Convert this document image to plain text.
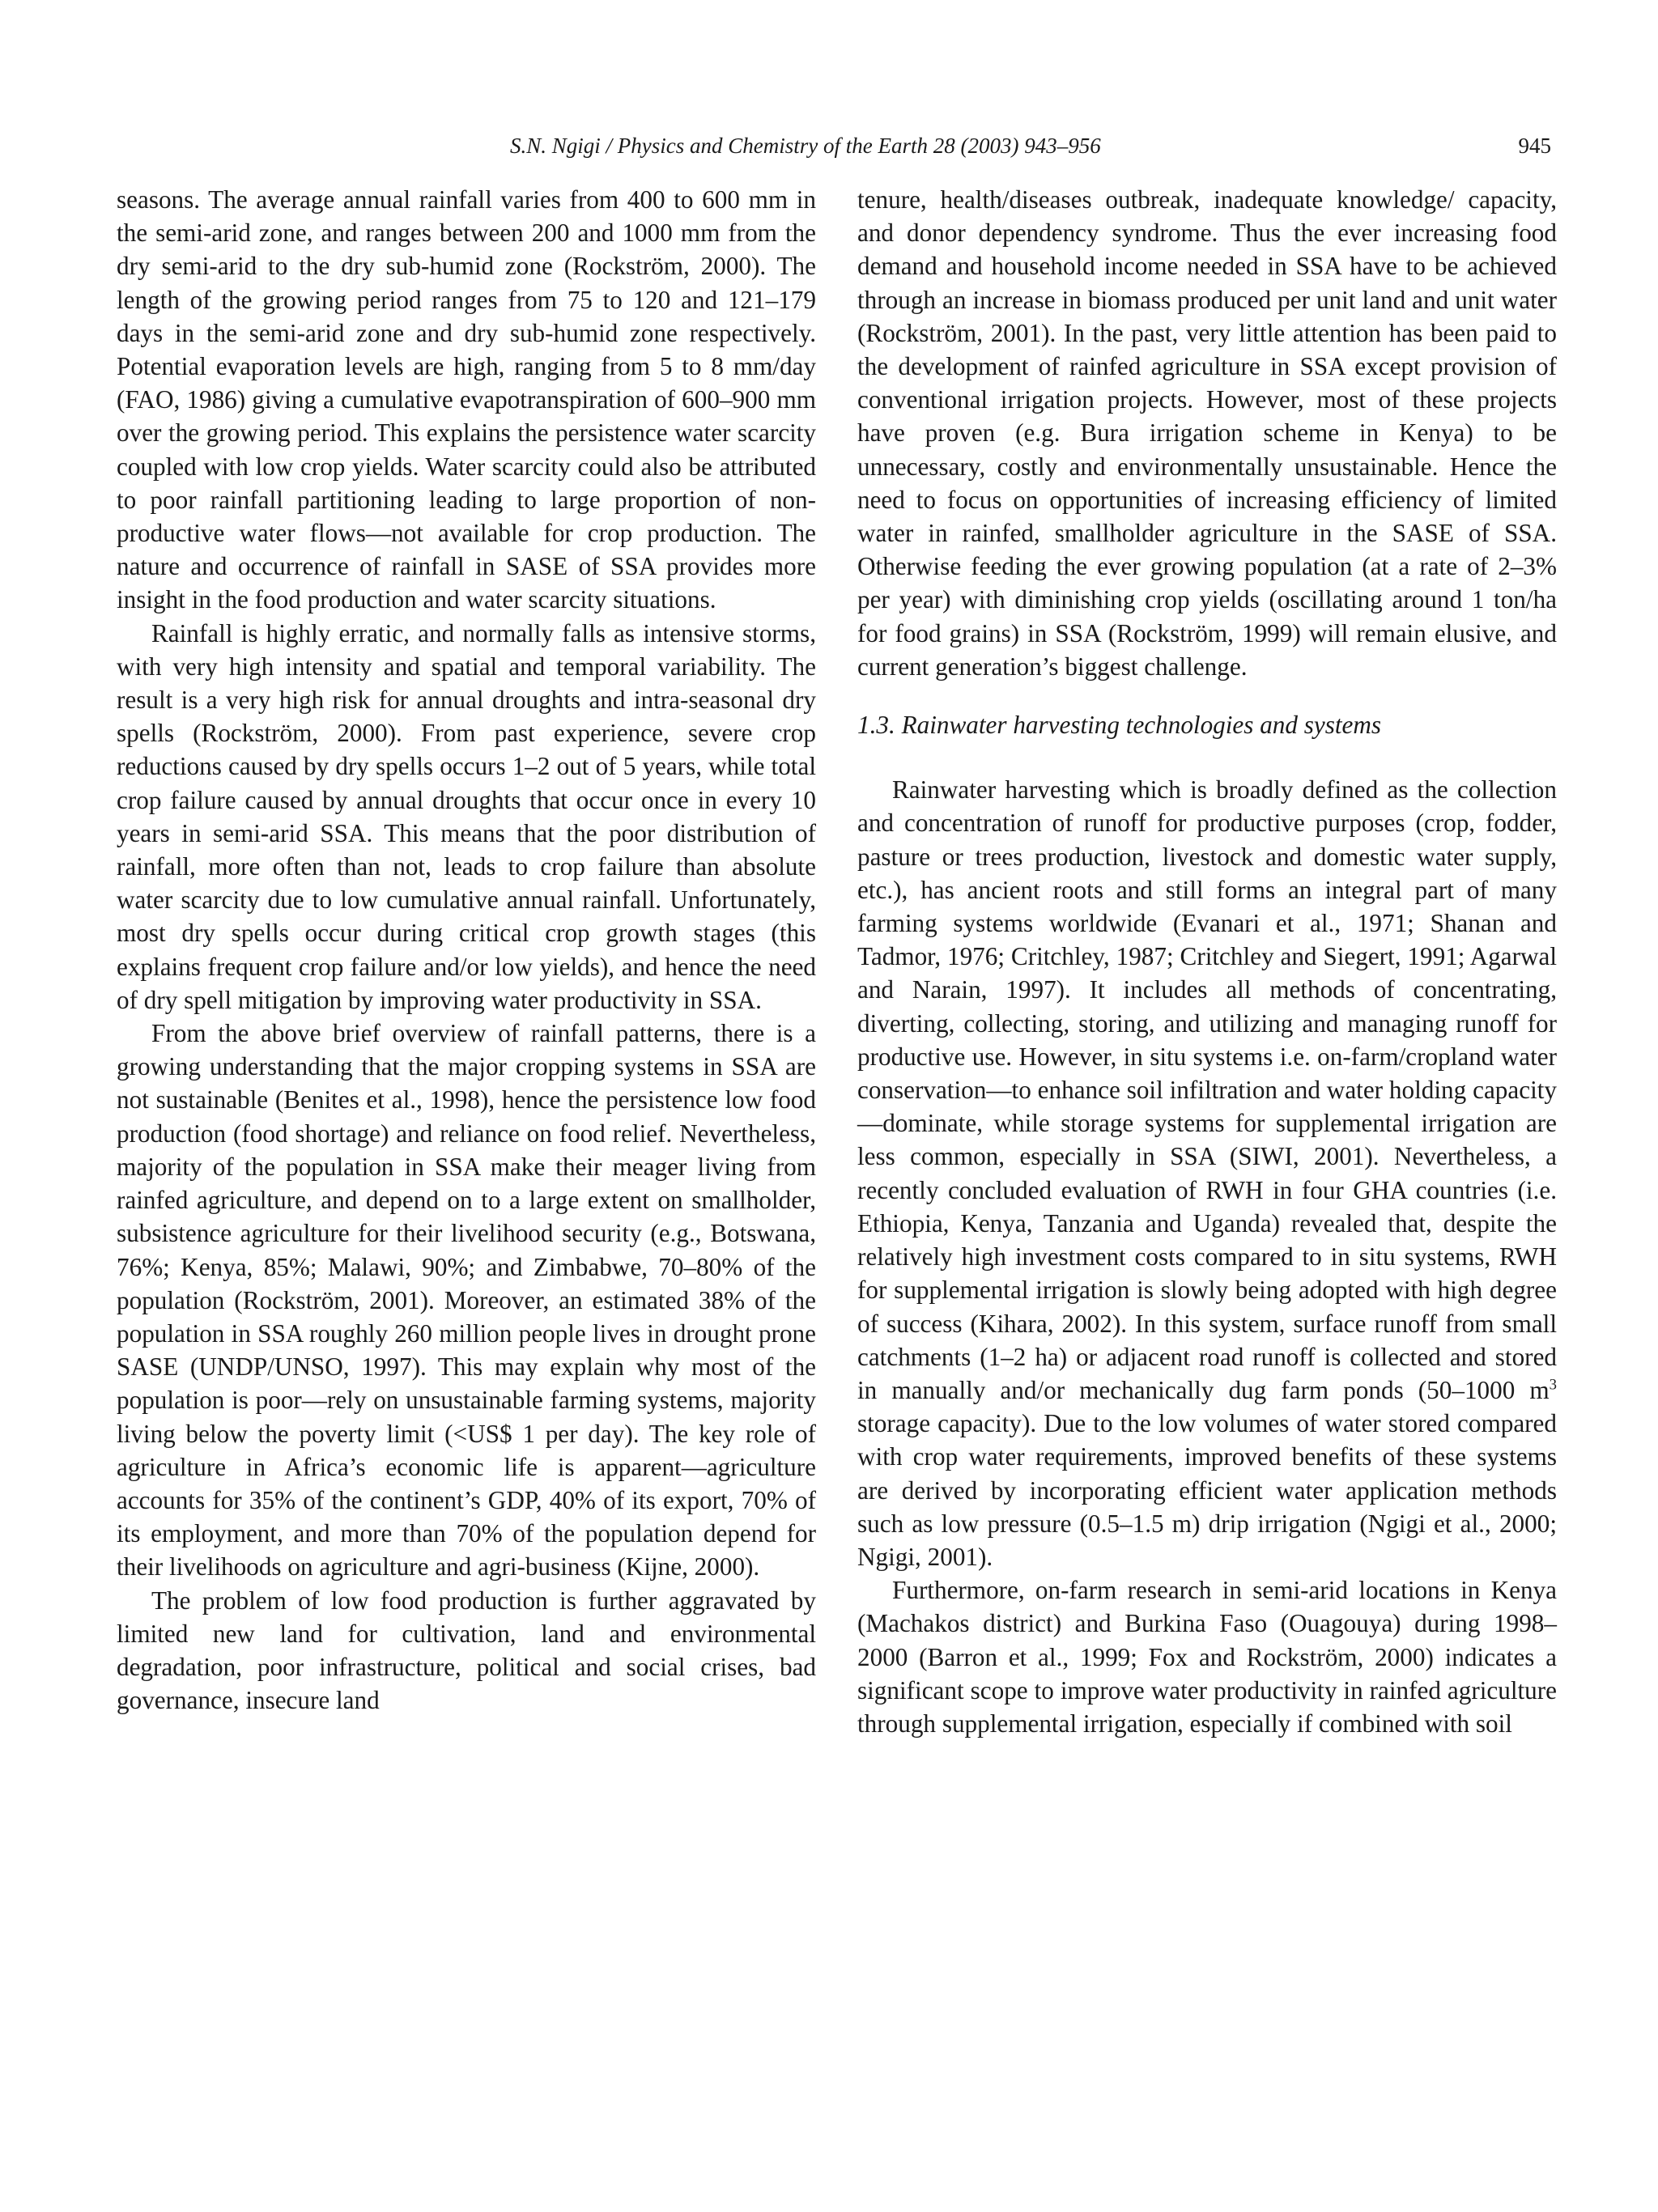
S.N. Ngigi / Physics and Chemistry of the Earth 28 (2003) 943–956	945

seasons. The average annual rainfall varies from 400 to 600 mm in the semi-arid zone, and ranges between 200 and 1000 mm from the dry semi-arid to the dry sub-humid zone (Rockström, 2000). The length of the growing period ranges from 75 to 120 and 121–179 days in the semi-arid zone and dry sub-humid zone respectively. Potential evaporation levels are high, ranging from 5 to 8 mm/day (FAO, 1986) giving a cumulative evapotranspiration of 600–900 mm over the growing period. This explains the persistence water scarcity coupled with low crop yields. Water scarcity could also be attributed to poor rainfall partitioning leading to large proportion of non-productive water flows—not available for crop production. The nature and occurrence of rainfall in SASE of SSA provides more insight in the food production and water scarcity situations.

Rainfall is highly erratic, and normally falls as intensive storms, with very high intensity and spatial and temporal variability. The result is a very high risk for annual droughts and intra-seasonal dry spells (Rockström, 2000). From past experience, severe crop reductions caused by dry spells occurs 1–2 out of 5 years, while total crop failure caused by annual droughts that occur once in every 10 years in semi-arid SSA. This means that the poor distribution of rainfall, more often than not, leads to crop failure than absolute water scarcity due to low cumulative annual rainfall. Unfortunately, most dry spells occur during critical crop growth stages (this explains frequent crop failure and/or low yields), and hence the need of dry spell mitigation by improving water productivity in SSA.

From the above brief overview of rainfall patterns, there is a growing understanding that the major cropping systems in SSA are not sustainable (Benites et al., 1998), hence the persistence low food production (food shortage) and reliance on food relief. Nevertheless, majority of the population in SSA make their meager living from rainfed agriculture, and depend on to a large extent on smallholder, subsistence agriculture for their livelihood security (e.g., Botswana, 76%; Kenya, 85%; Malawi, 90%; and Zimbabwe, 70–80% of the population (Rockström, 2001). Moreover, an estimated 38% of the population in SSA roughly 260 million people lives in drought prone SASE (UNDP/UNSO, 1997). This may explain why most of the population is poor—rely on unsustainable farming systems, majority living below the poverty limit (<US$ 1 per day). The key role of agriculture in Africa’s economic life is apparent—agriculture accounts for 35% of the continent’s GDP, 40% of its export, 70% of its employment, and more than 70% of the population depend for their livelihoods on agriculture and agri-business (Kijne, 2000).

The problem of low food production is further aggravated by limited new land for cultivation, land and environmental degradation, poor infrastructure, political and social crises, bad governance, insecure land

tenure, health/diseases outbreak, inadequate knowledge/ capacity, and donor dependency syndrome. Thus the ever increasing food demand and household income needed in SSA have to be achieved through an increase in biomass produced per unit land and unit water (Rockström, 2001). In the past, very little attention has been paid to the development of rainfed agriculture in SSA except provision of conventional irrigation projects. However, most of these projects have proven (e.g. Bura irrigation scheme in Kenya) to be unnecessary, costly and environmentally unsustainable. Hence the need to focus on opportunities of increasing efficiency of limited water in rainfed, smallholder agriculture in the SASE of SSA. Otherwise feeding the ever growing population (at a rate of 2–3% per year) with diminishing crop yields (oscillating around 1 ton/ha for food grains) in SSA (Rockström, 1999) will remain elusive, and current generation’s biggest challenge.

1.3. Rainwater harvesting technologies and systems

Rainwater harvesting which is broadly defined as the collection and concentration of runoff for productive purposes (crop, fodder, pasture or trees production, livestock and domestic water supply, etc.), has ancient roots and still forms an integral part of many farming systems worldwide (Evanari et al., 1971; Shanan and Tadmor, 1976; Critchley, 1987; Critchley and Siegert, 1991; Agarwal and Narain, 1997). It includes all methods of concentrating, diverting, collecting, storing, and utilizing and managing runoff for productive use. However, in situ systems i.e. on-farm/cropland water conservation—to enhance soil infiltration and water holding capacity—dominate, while storage systems for supplemental irrigation are less common, especially in SSA (SIWI, 2001). Nevertheless, a recently concluded evaluation of RWH in four GHA countries (i.e. Ethiopia, Kenya, Tanzania and Uganda) revealed that, despite the relatively high investment costs compared to in situ systems, RWH for supplemental irrigation is slowly being adopted with high degree of success (Kihara, 2002). In this system, surface runoff from small catchments (1–2 ha) or adjacent road runoff is collected and stored in manually and/or mechanically dug farm ponds (50–1000 $m^3$ storage capacity). Due to the low volumes of water stored compared with crop water requirements, improved benefits of these systems are derived by incorporating efficient water application methods such as low pressure (0.5–1.5 m) drip irrigation (Ngigi et al., 2000; Ngigi, 2001).

Furthermore, on-farm research in semi-arid locations in Kenya (Machakos district) and Burkina Faso (Ouagouya) during 1998–2000 (Barron et al., 1999; Fox and Rockström, 2000) indicates a significant scope to improve water productivity in rainfed agriculture through supplemental irrigation, especially if combined with soil
